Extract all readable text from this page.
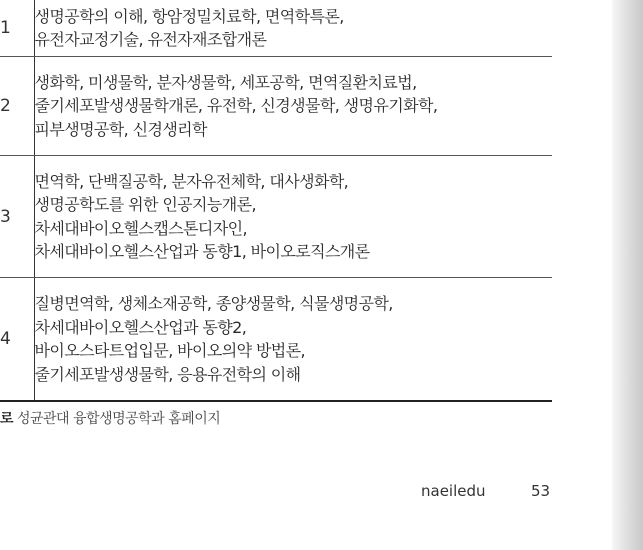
1	생명공학의 이해, 항암정밀치료학, 면역학특론,
유전자교정기술, 유전자재조합개론

2	생화학, 미생물학, 분자생물학, 세포공학, 면역질환치료법,
줄기세포발생생물학개론, 유전학, 신경생물학, 생명유기화학,
피부생명공학, 신경생리학

3	면역학, 단백질공학, 분자유전체학, 대사생화학,
생명공학도를 위한 인공지능개론,
차세대바이오헬스캡스톤디자인,
차세대바이오헬스산업과 동향1, 바이오로직스개론

4	질병면역학, 생체소재공학, 종양생물학, 식물생명공학,
차세대바이오헬스산업과 동향2,
바이오스타트업입문, 바이오의약 방법론,
줄기세포발생생물학, 응용유전학의 이해
로 성균관대 융합생명공학과 홈페이지
naeiledu	53
